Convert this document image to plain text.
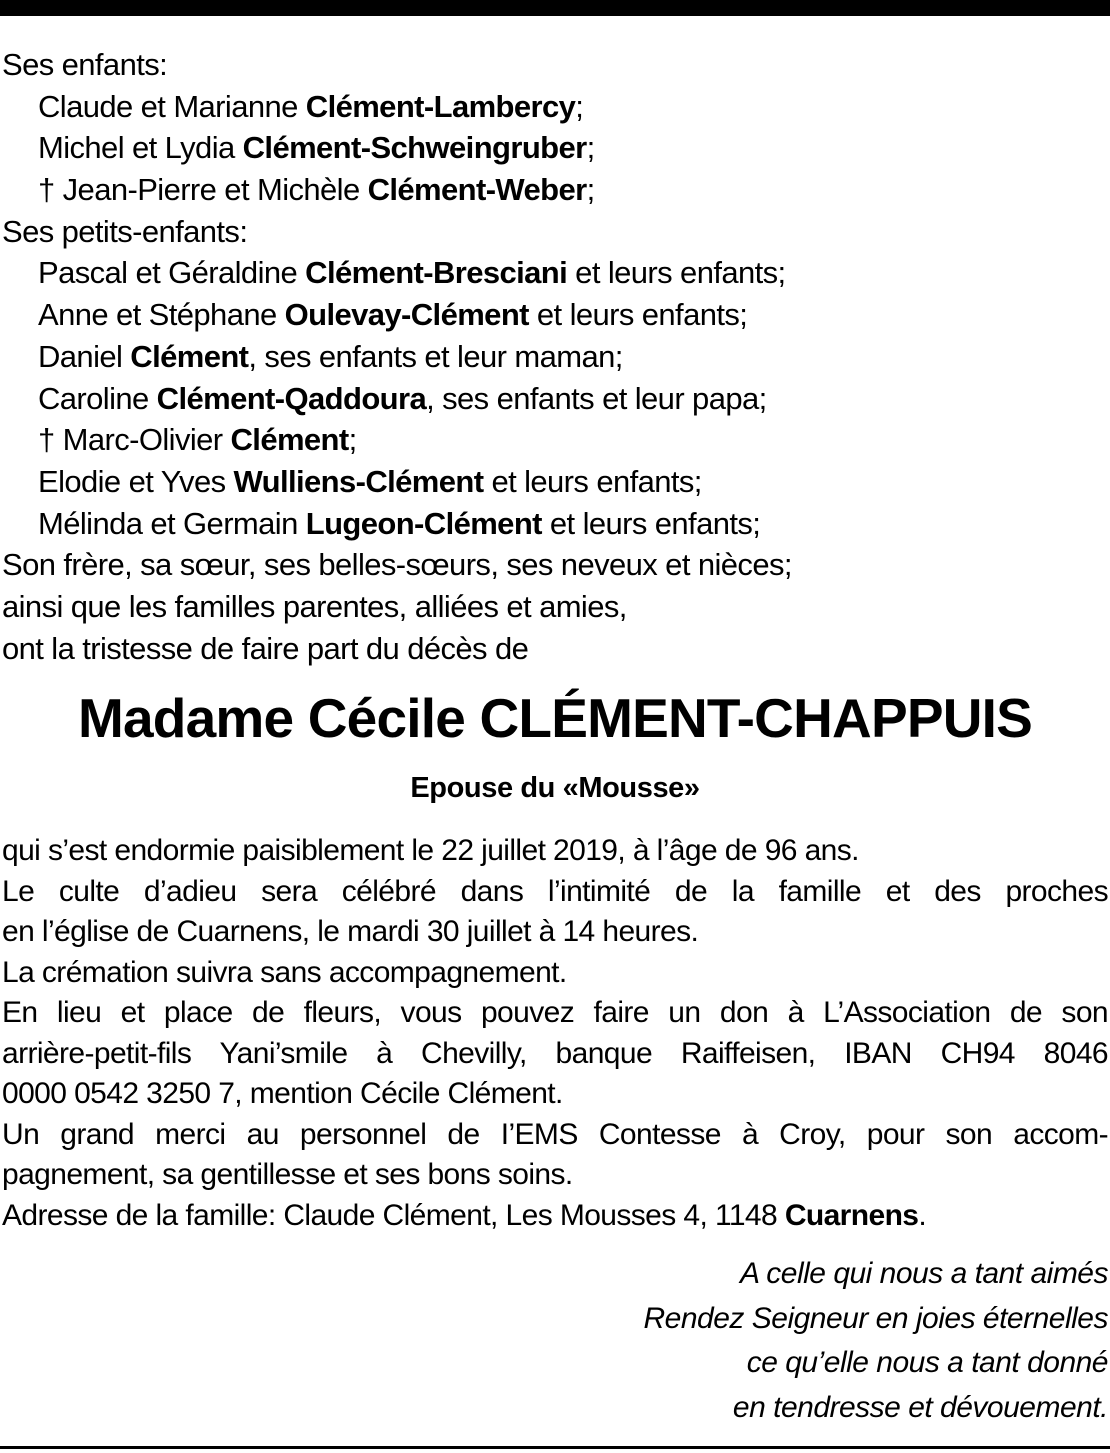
Ses enfants:
Claude et Marianne Clément-Lambercy;
Michel et Lydia Clément-Schweingruber;
† Jean-Pierre et Michèle Clément-Weber;
Ses petits-enfants:
Pascal et Géraldine Clément-Bresciani et leurs enfants;
Anne et Stéphane Oulevay-Clément et leurs enfants;
Daniel Clément, ses enfants et leur maman;
Caroline Clément-Qaddoura, ses enfants et leur papa;
† Marc-Olivier Clément;
Elodie et Yves Wulliens-Clément et leurs enfants;
Mélinda et Germain Lugeon-Clément et leurs enfants;
Son frère, sa sœur, ses belles-sœurs, ses neveux et nièces;
ainsi que les familles parentes, alliées et amies,
ont la tristesse de faire part du décès de
Madame Cécile CLÉMENT-CHAPPUIS
Epouse du «Mousse»
qui s’est endormie paisiblement le 22 juillet 2019, à l’âge de 96 ans.
Le culte d’adieu sera célébré dans l’intimité de la famille et des proches
en l’église de Cuarnens, le mardi 30 juillet à 14 heures.
La crémation suivra sans accompagnement.
En lieu et place de fleurs, vous pouvez faire un don à L’Association de son
arrière-petit-fils Yani’smile à Chevilly, banque Raiffeisen, IBAN CH94 8046
0000 0542 3250 7, mention Cécile Clément.
Un grand merci au personnel de I’EMS Contesse à Croy, pour son accom-
pagnement, sa gentillesse et ses bons soins.
Adresse de la famille: Claude Clément, Les Mousses 4, 1148 Cuarnens.
A celle qui nous a tant aimés
Rendez Seigneur en joies éternelles
ce qu’elle nous a tant donné
en tendresse et dévouement.
